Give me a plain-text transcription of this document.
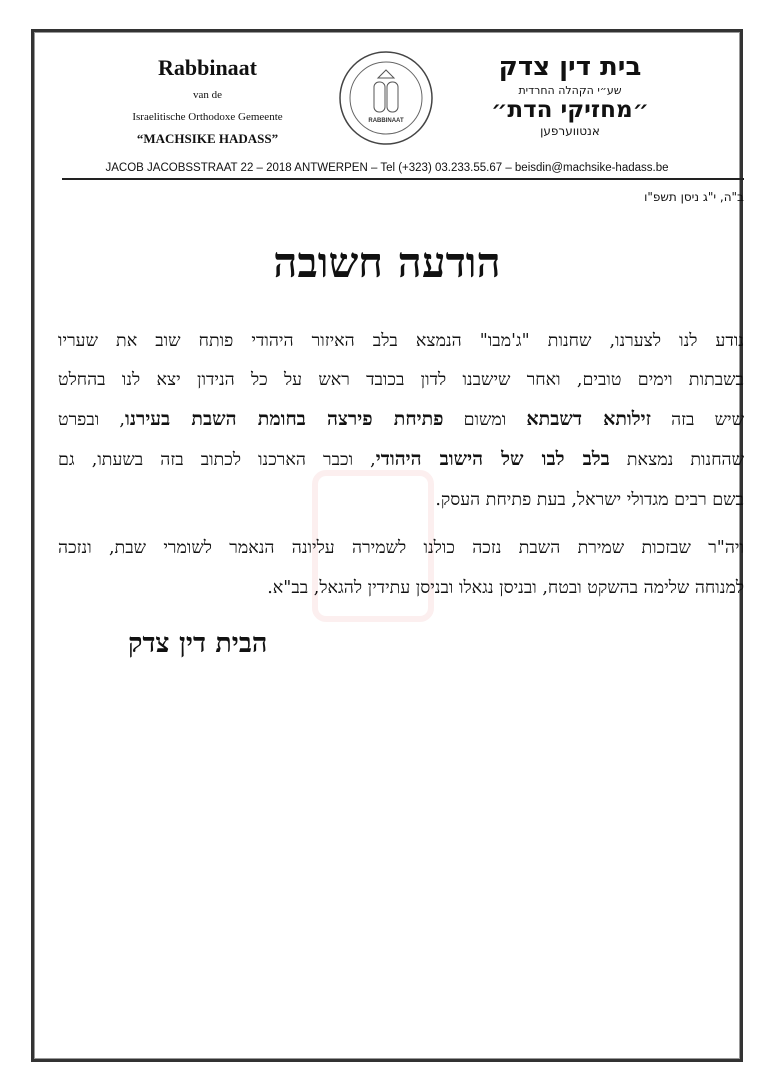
Rabbinaat
van de
Israelitische Orthodoxe Gemeente
“MACHSIKE HADASS”
RABBINAAT
בית דין צדק
שע״י הקהלה החרדית
״מחזיקי הדת״
אנטווערפען
JACOB JACOBSSTRAAT 22 – 2018 ANTWERPEN – Tel (+323) 03.233.55.67 – beisdin@machsike-hadass.be
ב"ה, י"ג ניסן תשפ"ו
הודעה חשובה
נודע לנו לצערנו, שחנות "ג'מבו" הנמצא בלב האיזור היהודי פותח שוב את שעריו
בשבתות וימים טובים, ואחר שישבנו לדון בכובד ראש על כל הנידון יצא לנו בהחלט
שיש בזה זילותא דשבתא ומשום פתיחת פירצה בחומת השבת בעירנו, ובפרט
שהחנות נמצאת בלב לבו של הישוב היהודי, וכבר הארכנו לכתוב בזה בשעתו, גם
בשם רבים מגדולי ישראל, בעת פתיחת העסק.
ויה"ר שבזכות שמירת השבת נזכה כולנו לשמירה עליונה הנאמר לשומרי שבת, ונזכה
למנוחה שלימה בהשקט ובטח, ובניסן נגאלו ובניסן עתידין להגאל, בב"א.
הבית דין צדק
